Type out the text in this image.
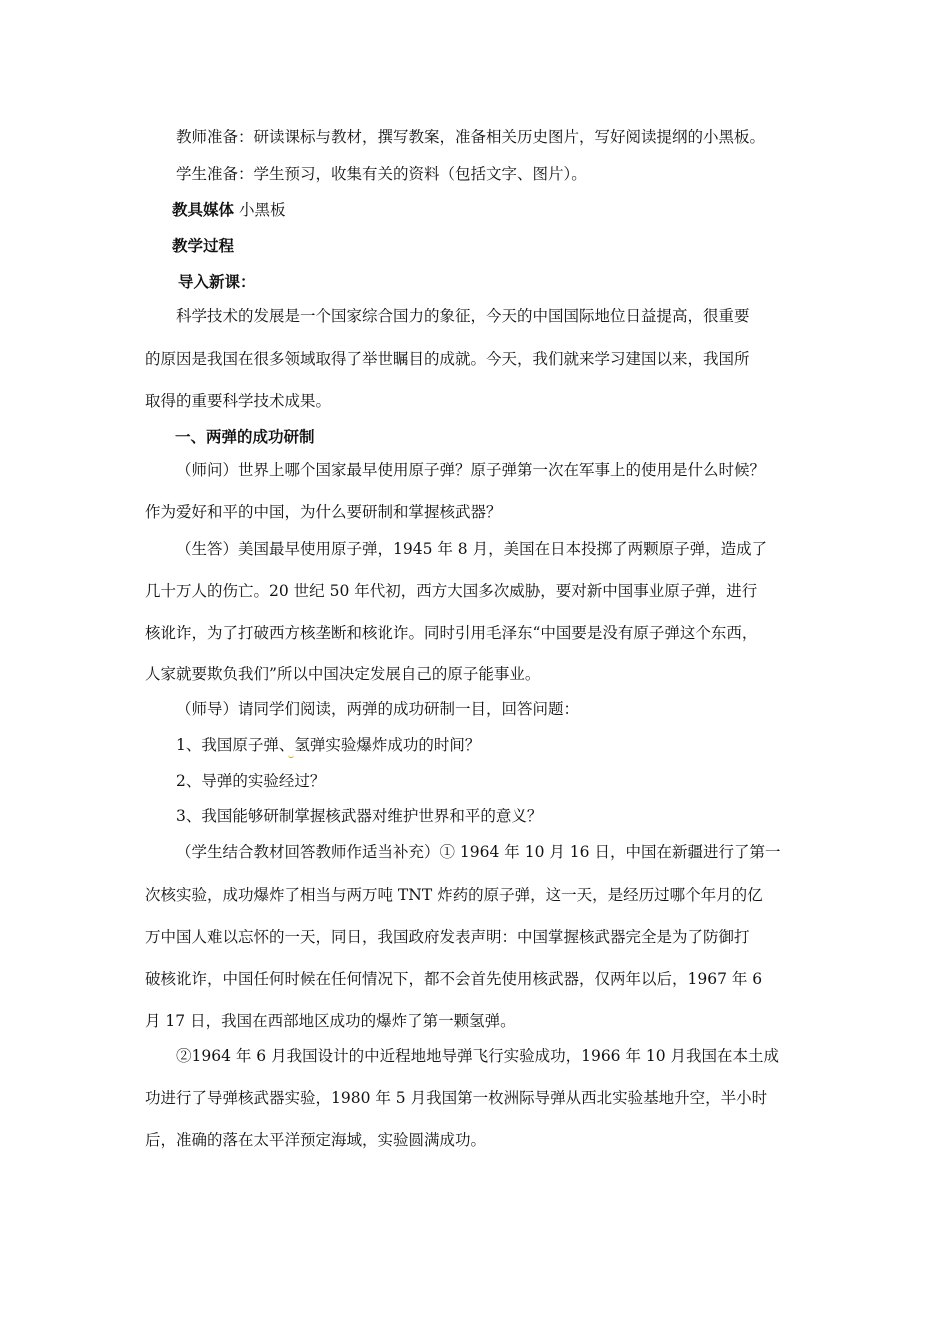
教师准备：研读课标与教材，撰写教案，准备相关历史图片，写好阅读提纲的小黑板。
学生准备：学生预习，收集有关的资料（包括文字、图片）。
教具媒体 小黑板
教学过程
导入新课：
科学技术的发展是一个国家综合国力的象征，今天的中国国际地位日益提高，很重要
的原因是我国在很多领域取得了举世瞩目的成就。今天，我们就来学习建国以来，我国所
取得的重要科学技术成果。
一、两弹的成功研制
（师问）世界上哪个国家最早使用原子弹？原子弹第一次在军事上的使用是什么时候？
作为爱好和平的中国，为什么要研制和掌握核武器？
（生答）美国最早使用原子弹，1945 年 8 月，美国在日本投掷了两颗原子弹，造成了
几十万人的伤亡。20 世纪 50 年代初，西方大国多次威胁，要对新中国事业原子弹，进行
核讹诈，为了打破西方核垄断和核讹诈。同时引用毛泽东“中国要是没有原子弹这个东西，
人家就要欺负我们”所以中国决定发展自己的原子能事业。
（师导）请同学们阅读，两弹的成功研制一目，回答问题：
1、我国原子弹、氢弹实验爆炸成功的时间？
2、导弹的实验经过？
3、我国能够研制掌握核武器对维护世界和平的意义？
（学生结合教材回答教师作适当补充）① 1964 年 10 月 16 日，中国在新疆进行了第一
次核实验，成功爆炸了相当与两万吨 TNT 炸药的原子弹，这一天，是经历过哪个年月的亿
万中国人难以忘怀的一天，同日，我国政府发表声明：中国掌握核武器完全是为了防御打
破核讹诈，中国任何时候在任何情况下，都不会首先使用核武器，仅两年以后，1967 年 6
月 17 日，我国在西部地区成功的爆炸了第一颗氢弹。
②1964 年 6 月我国设计的中近程地地导弹飞行实验成功，1966 年 10 月我国在本土成
功进行了导弹核武器实验，1980 年 5 月我国第一枚洲际导弹从西北实验基地升空，半小时
后，准确的落在太平洋预定海域，实验圆满成功。
